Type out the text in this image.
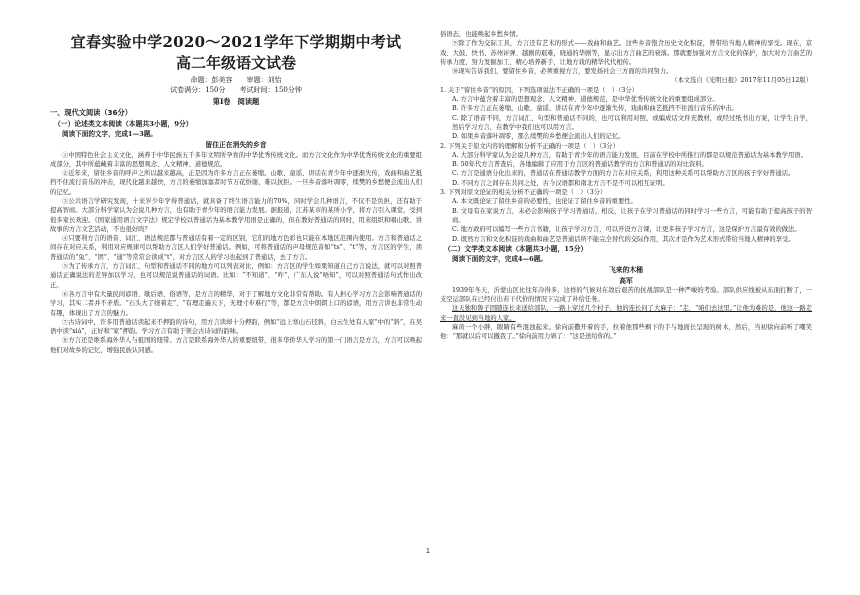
宜春实验中学2020～2021学年下学期期中考试
高二年级语文试卷
命题：彭美容　　审题：刘怡
试卷满分：150分　　考试时间：150分钟
第Ⅰ卷　阅读题
一、现代文阅读（36分）
（一）论述类文本阅读（本题共3小题，9分）
阅读下面的文字，完成1—3题。
留住正在消失的乡音

①中国特色社会主义文化，涵养于中华民族五千多年文明所孕育的中华优秀传统文化。而方言文化作为中华优秀传统文化的重要组成部分，其中所蕴藏着丰富的思想观念、人文精神、道德规范。

②近年来，留住乡音的呼声之所以越来越高，正是因为许多方言正在萎缩。山歌、童谣、讲话在青少年中逐渐失传，戏曲和曲艺抵挡不住流行音乐的冲击，现代化越来越快，方言的萎缩加塞者时节万花纷谢，难以抗拒。一旦乡音落叶凋零，续樊的乡愁便会流出人们的记忆。

③公共语言学研究发现，十来岁少年学得普通话，就具备了终生语言能力的70%，同时学会几种语言，不仅不是负担，还有助于提高智商。大部分科学家认为会说几种方言，也有助于青少年的语言能力发展。据报道，江苏某市的某所小学，将方言引入课堂，受到很多家长欢迎。《国家通用语言文字法》规定学校以普通话为基本教学用语是正确的，但在教好普通话的同时，用来组织和唱山歌、讲故事的方言文艺活动，不也很好吗？

④只要利方言的语音、词汇、语法规范都与普通话有着一定的区别，它们的地方色彩也只能在本地区范围内使用。方言和普通话之间存在对应关系，利用对应规律可以帮助方言区人们学好普通话。例如，可将普通话的声母规范音如“ts”、“t”等。方言区的学生，读普通话的“兔”、“团”、“通”等常常会读成“t”，对方言区人的学习也起到了普通话，去了方言。

⑤为了传承方言，方言词汇、句型和普通话不同的地方可以列表对比，例如：方言区的学生如果知道自己方言说法，就可以对照普通话正确说法的差异加以学习，也可以规范说普通话的词语。比如：“不知道”、“咋”，广东人说“唔知”，可以对照普通话句式作出改正。

⑥各方言中有大量民间谚语、歇后语、俗语等，是方言的精华，对于了解地方文化非常有帮助。有人担心学习方言会影响普通话的学习，其实二者并不矛盾。“石头大了绕着走”、“有理走遍天下，无理寸步难行”等，都是方言中朗朗上口的谚语，用方言讲也非常生动有趣，体现出了方言的魅力。

⑦古诗词中，许多用普通话读起来不押韵的诗句，用方言读却十分押韵，例如“远上寒山石径斜，白云生处有人家”中的“斜”，在吴语中读“xiá”，正好和“家”押韵。学习方言有助于领会古诗词的韵味。

⑧方言还是维系海外华人与祖国的纽带。方言是联系海外华人的重要纽带，很多华侨华人学习的第一门语言是方言，方言可以唤起他们对故乡的记忆，增强民族认同感。

俗语态，也能唤起乡愁乡情。

⑨除了作为交际工具，方言还有艺术的形式——戏曲和曲艺。这些乡音饱含历史文化积淀，曾带给当地人精神的享受。现在，京戏、大鼓、快书、苏州评弹、越剧的艰难，晓通的华剧等，显示出方言曲艺的衰落。那就要加强对方言文化的保护，加大对方言曲艺的传承力度，努力发掘加工，精心培养新手，让地方戏的精华代代相传。

⑩现实告诉我们，要留住乡音，必须重视方言，要发扬社会三方面的共同努力。

（本文选自《光明日报》2017年11月05日12版）

1. 关于“留住乡音”的原因，下列选项说法不正确的一项是（　）（3分）

A. 方言中蕴含着丰富的思想观念、人文精神、道德规范，是中华优秀传统文化的重要组成部分。

B. 许多方言正在萎缩，山歌、童谣、讲话在青少年中逐渐失传，戏曲和曲艺抵挡不住流行音乐的冲击。

C. 除了语音不同，方言词汇、句型和普通话不同的，也可以利用对照，或编成话文件充教材，或经过纸书出方案，让学生自学，然后学习方言，在教学中我们也可以用方言。

D. 如果乡音落叶凋零，那么续樊的乡愁便会流出人们的记忆。

2. 下列关于原文内容的理解和分析不正确的一项是（　）（3分）

A. 大部分科学家认为会说几种方言，有助于青少年的语言能力发展，目前在学校中所推行的都是以规范普通话为基本教学用语。

B. 50年代方言普查后，各地编辑了应用于方言区的普通话教学的方言和普通话的对比资料。

C. 方言是通语分化出来的，普通话在普通话教学方面的方言在对应关系，利用这种关系可以帮助方言区的孩子学好普通话。

D. 不同方言之间存在共同之处，古今汉语都和南北方言不是不可以相互证明。

3. 下列对原文论证的相关分析不正确的一项是（　）（3分）

A. 本文既论证了留住乡音的必要性，也论证了留住乡音的重要性。

B. 文母有在家说方言，未必会影响孩子学习普通话，相反，让孩子在学习普通话的同时学习一些方言，可能有助于提高孩子的智商。

C. 地方政府可以编写一些方言书籍，让孩子学习方言，可以开设方言课，让更多孩子学习方言，这是保护方言最有效的做法。

D. 既然方言和文化积淀的戏曲和曲艺是普通话所不能完全替代的交际作用，其次才是作为艺术形式带给当地人精神的享受。

（二）文学类文本阅读（本题共3小题，15分）
阅读下面的文字，完成4—6题。
飞来的木桶
高军

1939年冬天，沂蒙山区比往年冷得多，这样的气候对在敌后艰苦的抗战部队是一种严峻的考验。部队供应线被从东面打断了，一支空运部队在已经付出若干代价的情况下完成了补给任务。

这天独和鲁子固随连长来送给部队，一路上穿过几个村子，他的连长问了大麻子：“走，“咱们去这里。”让他为难的是，他这一路走来一直没见到当地的人家。

麻黄一个小胖，眼睛有些混浊起来。徐向前撒开着的手，拉着他那些剩下的手与地面长呈现的树木，然后，当初徐向前听了嘲笑他：“那就以后可以撤我了。”徐向前用力剁了：“这是送给你的。”

1
